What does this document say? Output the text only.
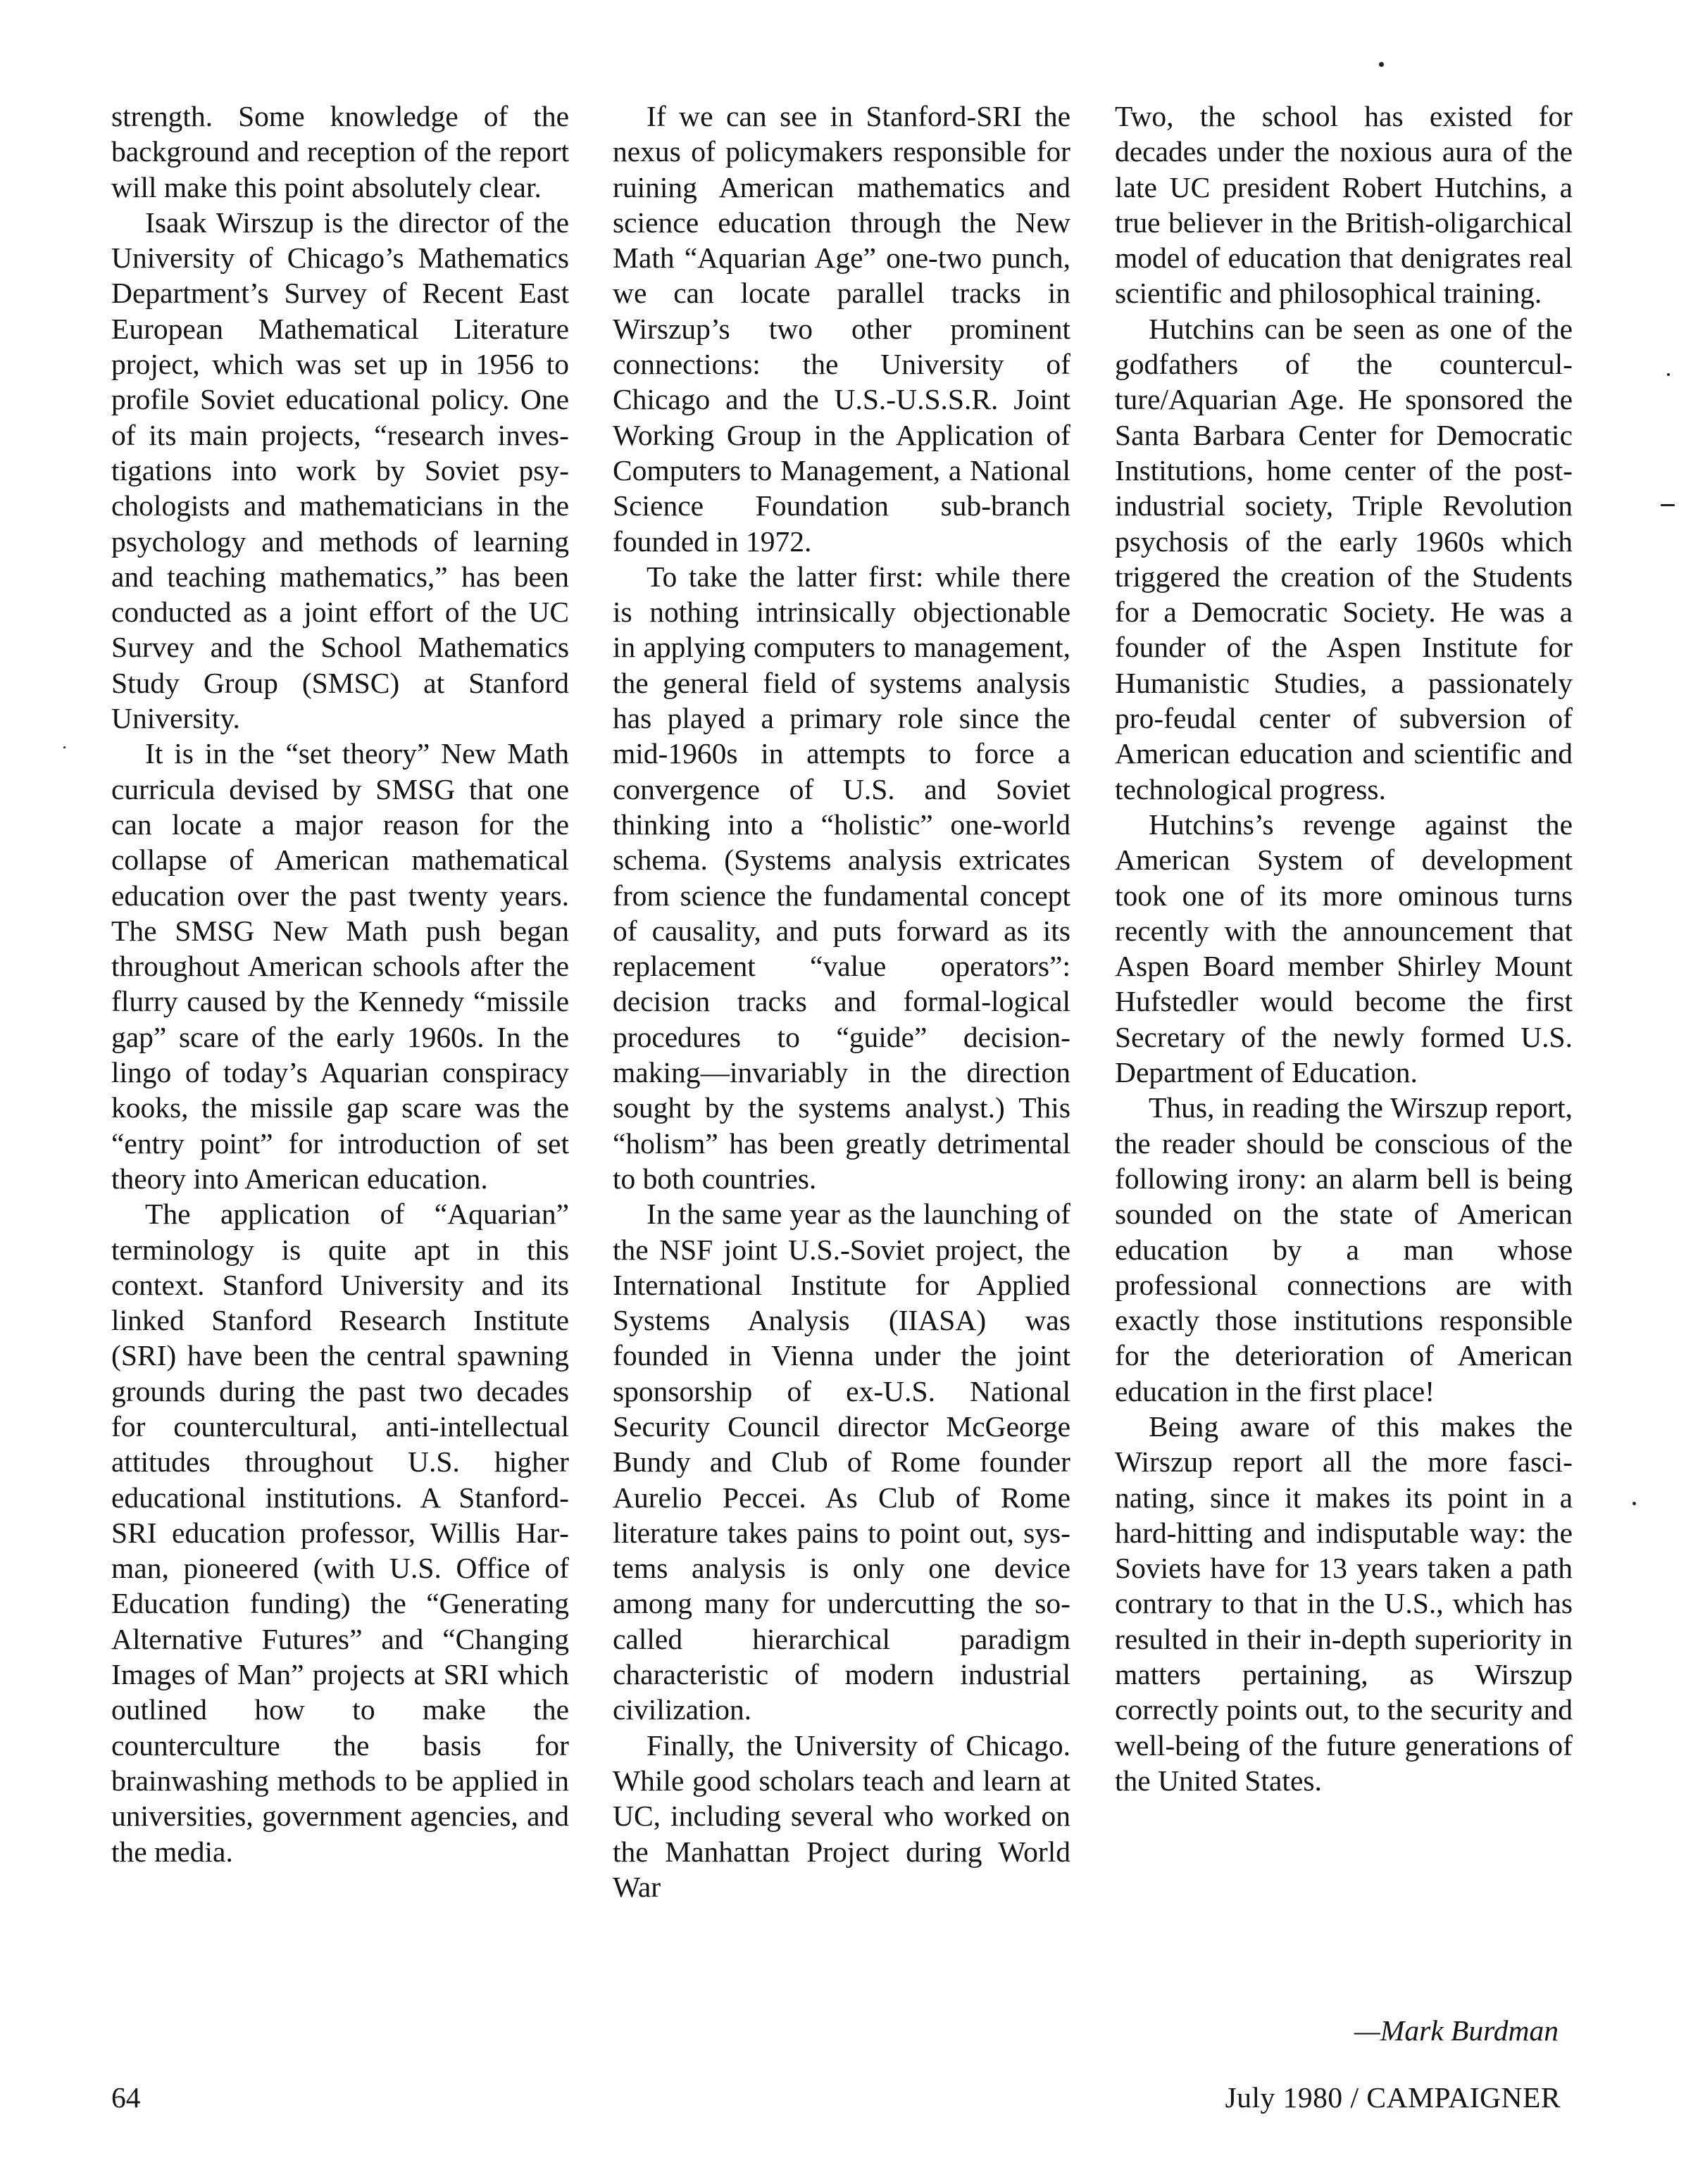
strength. Some knowledge of the background and reception of the report will make this point absolutely clear.

Isaak Wirszup is the director of the University of Chicago’s Mathematics Department’s Survey of Recent East European Mathematical Literature project, which was set up in 1956 to profile Soviet educational policy. One of its main projects, “research investigations into work by Soviet psychologists and mathematicians in the psychology and methods of learning and teaching mathematics,” has been conducted as a joint effort of the UC Survey and the School Mathematics Study Group (SMSC) at Stanford University.

It is in the “set theory” New Math curricula devised by SMSG that one can locate a major reason for the collapse of American mathematical education over the past twenty years. The SMSG New Math push began throughout American schools after the flurry caused by the Kennedy “missile gap” scare of the early 1960s. In the lingo of today’s Aquarian conspiracy kooks, the missile gap scare was the “entry point” for introduction of set theory into American education.

The application of “Aquarian” terminology is quite apt in this context. Stanford University and its linked Stanford Research Institute (SRI) have been the central spawning grounds during the past two decades for countercultural, anti-intellectual attitudes throughout U.S. higher educational institutions. A Stanford-SRI education professor, Willis Harman, pioneered (with U.S. Office of Education funding) the “Generating Alternative Futures” and “Changing Images of Man” projects at SRI which outlined how to make the counterculture the basis for brainwashing methods to be applied in universities, government agencies, and the media.

If we can see in Stanford-SRI the nexus of policymakers responsible for ruining American mathematics and science education through the New Math “Aquarian Age” one-two punch, we can locate parallel tracks in Wirszup’s two other prominent connections: the University of Chicago and the U.S.-U.S.S.R. Joint Working Group in the Application of Computers to Management, a National Science Foundation sub-branch founded in 1972.

To take the latter first: while there is nothing intrinsically objectionable in applying computers to management, the general field of systems analysis has played a primary role since the mid-1960s in attempts to force a convergence of U.S. and Soviet thinking into a “holistic” one-world schema. (Systems analysis extricates from science the fundamental concept of causality, and puts forward as its replacement “value operators”: decision tracks and formal-logical procedures to “guide” decision-making—invariably in the direction sought by the systems analyst.) This “holism” has been greatly detrimental to both countries.

In the same year as the launching of the NSF joint U.S.-Soviet project, the International Institute for Applied Systems Analysis (IIASA) was founded in Vienna under the joint sponsorship of ex-U.S. National Security Council director McGeorge Bundy and Club of Rome founder Aurelio Peccei. As Club of Rome literature takes pains to point out, systems analysis is only one device among many for undercutting the so-called hierarchical paradigm characteristic of modern industrial civilization.

Finally, the University of Chicago. While good scholars teach and learn at UC, including several who worked on the Manhattan Project during World War

Two, the school has existed for decades under the noxious aura of the late UC president Robert Hutchins, a true believer in the British-oligarchical model of education that denigrates real scientific and philosophical training.

Hutchins can be seen as one of the godfathers of the counterculture/Aquarian Age. He sponsored the Santa Barbara Center for Democratic Institutions, home center of the post-industrial society, Triple Revolution psychosis of the early 1960s which triggered the creation of the Students for a Democratic Society. He was a founder of the Aspen Institute for Humanistic Studies, a passionately pro-feudal center of subversion of American education and scientific and technological progress.

Hutchins’s revenge against the American System of development took one of its more ominous turns recently with the announcement that Aspen Board member Shirley Mount Hufstedler would become the first Secretary of the newly formed U.S. Department of Education.

Thus, in reading the Wirszup report, the reader should be conscious of the following irony: an alarm bell is being sounded on the state of American education by a man whose professional connections are with exactly those institutions responsible for the deterioration of American education in the first place!

Being aware of this makes the Wirszup report all the more fascinating, since it makes its point in a hard-hitting and indisputable way: the Soviets have for 13 years taken a path contrary to that in the U.S., which has resulted in their in-depth superiority in matters pertaining, as Wirszup correctly points out, to the security and well-being of the future generations of the United States.

—Mark Burdman
64	July 1980 / CAMPAIGNER
